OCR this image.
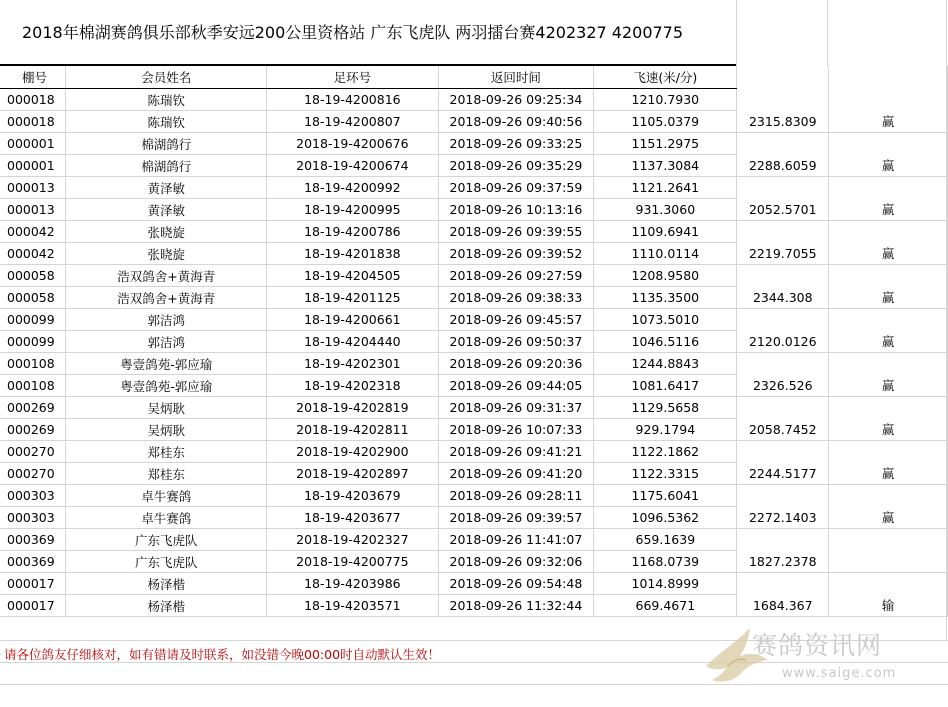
2018年棉湖赛鸽俱乐部秋季安远200公里资格站 广东飞虎队 两羽擂台赛4202327 4200775
棚号	会员姓名	足环号	返回时间	飞速(米/分)		
000018	陈瑞钦	18-19-4200816	2018-09-26 09:25:34	1210.7930		
000018	陈瑞钦	18-19-4200807	2018-09-26 09:40:56	1105.0379	2315.8309	赢
000001	棉湖鸽行	2018-19-4200676	2018-09-26 09:33:25	1151.2975		
000001	棉湖鸽行	2018-19-4200674	2018-09-26 09:35:29	1137.3084	2288.6059	赢
000013	黄泽敏	18-19-4200992	2018-09-26 09:37:59	1121.2641		
000013	黄泽敏	18-19-4200995	2018-09-26 10:13:16	931.3060	2052.5701	赢
000042	张晓旋	18-19-4200786	2018-09-26 09:39:55	1109.6941		
000042	张晓旋	18-19-4201838	2018-09-26 09:39:52	1110.0114	2219.7055	赢
000058	浩双鸽舍+黄海青	18-19-4204505	2018-09-26 09:27:59	1208.9580		
000058	浩双鸽舍+黄海青	18-19-4201125	2018-09-26 09:38:33	1135.3500	2344.308	赢
000099	郭洁鸿	18-19-4200661	2018-09-26 09:45:57	1073.5010		
000099	郭洁鸿	18-19-4204440	2018-09-26 09:50:37	1046.5116	2120.0126	赢
000108	粤壹鸽苑-郭应瑜	18-19-4202301	2018-09-26 09:20:36	1244.8843		
000108	粤壹鸽苑-郭应瑜	18-19-4202318	2018-09-26 09:44:05	1081.6417	2326.526	赢
000269	吴炳耿	2018-19-4202819	2018-09-26 09:31:37	1129.5658		
000269	吴炳耿	2018-19-4202811	2018-09-26 10:07:33	929.1794	2058.7452	赢
000270	郑桂东	2018-19-4202900	2018-09-26 09:41:21	1122.1862		
000270	郑桂东	2018-19-4202897	2018-09-26 09:41:20	1122.3315	2244.5177	赢
000303	卓牛赛鸽	18-19-4203679	2018-09-26 09:28:11	1175.6041		
000303	卓牛赛鸽	18-19-4203677	2018-09-26 09:39:57	1096.5362	2272.1403	赢
000369	广东飞虎队	2018-19-4202327	2018-09-26 11:41:07	659.1639		
000369	广东飞虎队	2018-19-4200775	2018-09-26 09:32:06	1168.0739	1827.2378	
000017	杨泽楷	18-19-4203986	2018-09-26 09:54:48	1014.8999		
000017	杨泽楷	18-19-4203571	2018-09-26 11:32:44	669.4671	1684.367	输
请各位鸽友仔细核对，如有错请及时联系，如没错今晚00:00时自动默认生效！	赛鸽资讯网
www.saige.com
